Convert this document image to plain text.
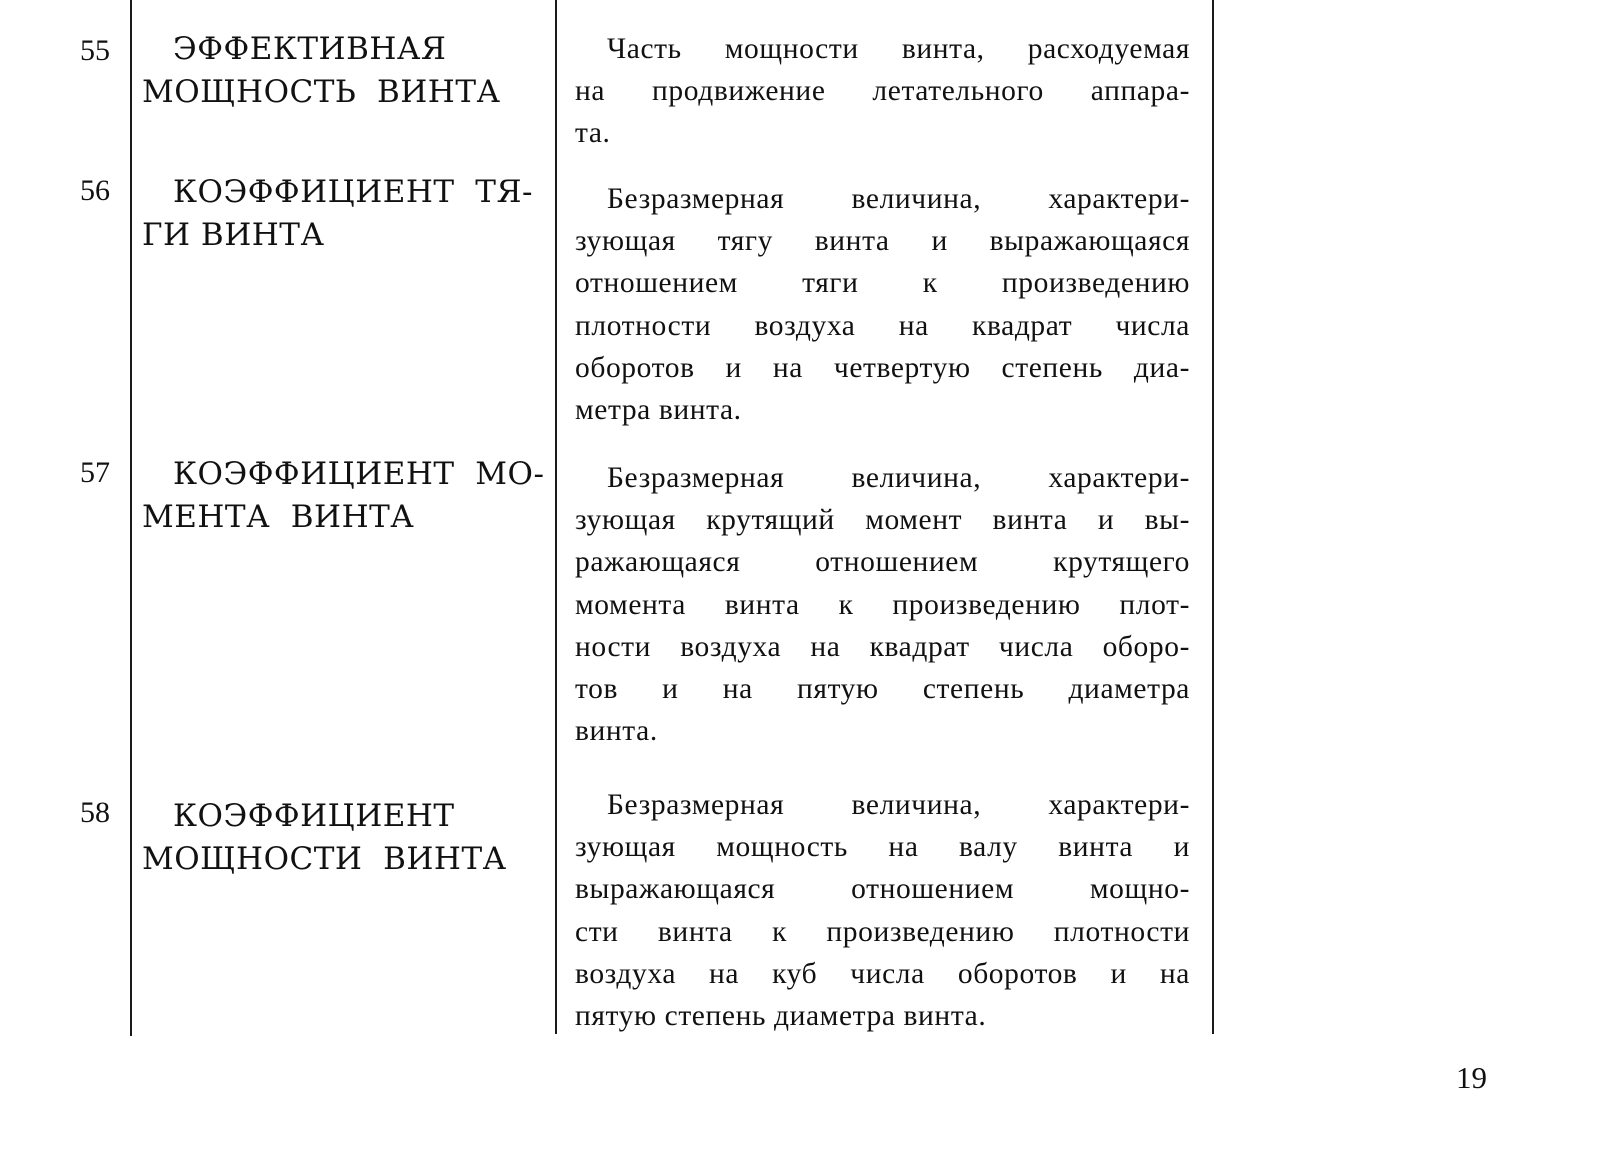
55 ЭФФЕКТИВНАЯ
МОЩНОСТЬ  ВИНТА
Часть мощности винта, расходуемая
на продвижение летательного аппара-
та.
56 КОЭФФИЦИЕНТ  ТЯ-
ГИ ВИНТА
Безразмерная величина, характери-
зующая тягу винта и выражающаяся
отношением тяги к произведению
плотности воздуха на квадрат числа
оборотов и на четвертую степень диа-
метра винта.
57 КОЭФФИЦИЕНТ  МО-
МЕНТА  ВИНТА
Безразмерная величина, характери-
зующая крутящий момент винта и вы-
ражающаяся отношением крутящего
момента винта к произведению плот-
ности воздуха на квадрат числа оборо-
тов и на пятую степень диаметра
винта.
58 КОЭФФИЦИЕНТ
МОЩНОСТИ  ВИНТА
Безразмерная величина, характери-
зующая мощность на валу винта и
выражающаяся отношением мощно-
сти винта к произведению плотности
воздуха на куб числа оборотов и на
пятую степень диаметра винта.
19
